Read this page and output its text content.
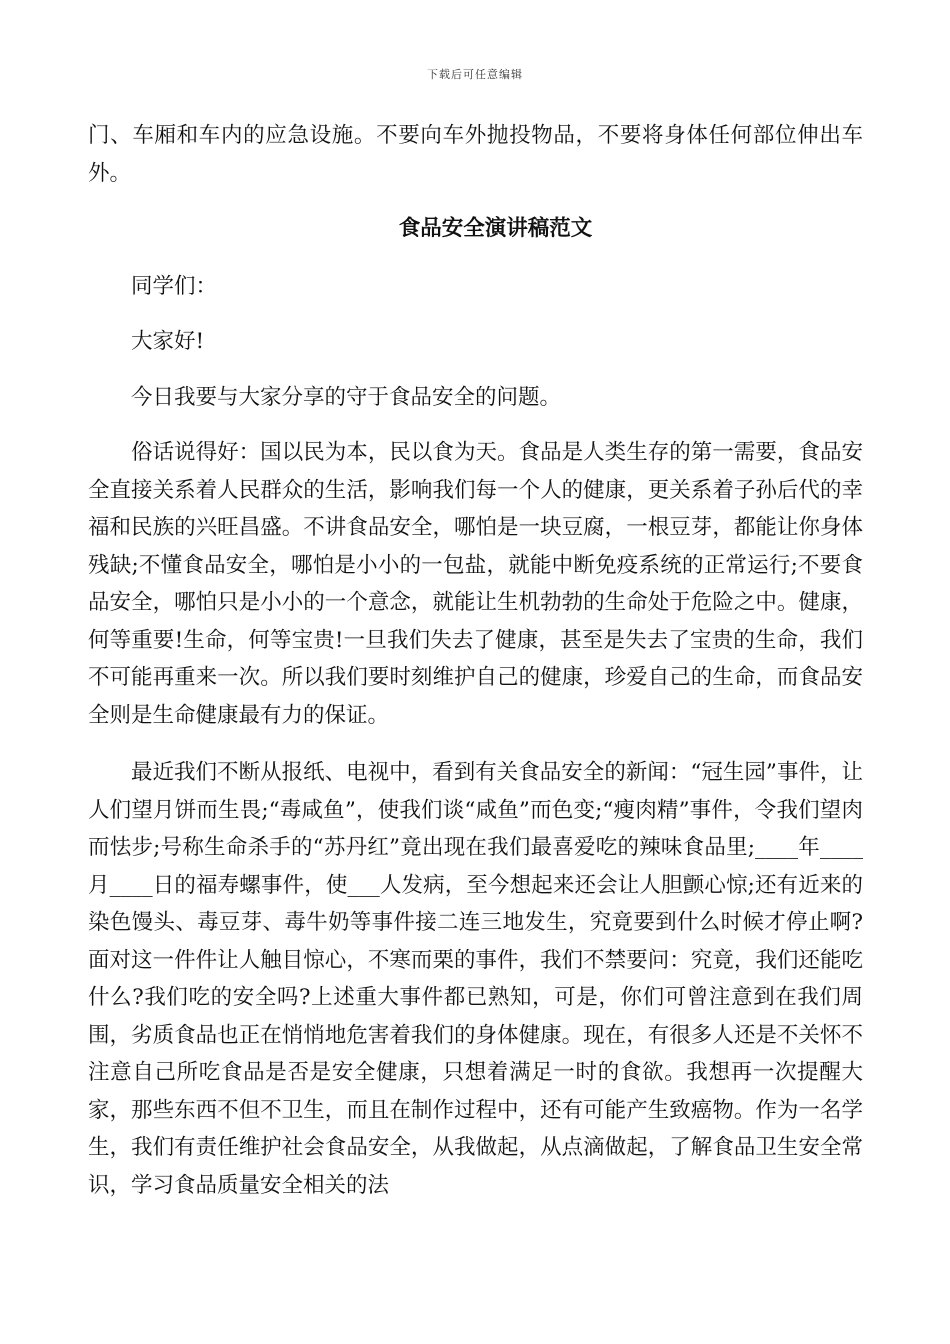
下载后可任意编辑

门、车厢和车内的应急设施。不要向车外抛投物品，不要将身体任何部位伸出车外。

食品安全演讲稿范文

同学们：

大家好!

今日我要与大家分享的守于食品安全的问题。

俗话说得好：国以民为本，民以食为天。食品是人类生存的第一需要，食品安全直接关系着人民群众的生活，影响我们每一个人的健康，更关系着子孙后代的幸福和民族的兴旺昌盛。不讲食品安全，哪怕是一块豆腐，一根豆芽，都能让你身体残缺;不懂食品安全，哪怕是小小的一包盐，就能中断免疫系统的正常运行;不要食品安全，哪怕只是小小的一个意念，就能让生机勃勃的生命处于危险之中。健康，何等重要!生命，何等宝贵!一旦我们失去了健康，甚至是失去了宝贵的生命，我们不可能再重来一次。所以我们要时刻维护自己的健康，珍爱自己的生命，而食品安全则是生命健康最有力的保证。

最近我们不断从报纸、电视中，看到有关食品安全的新闻：“冠生园”事件，让人们望月饼而生畏;“毒咸鱼”，使我们谈“咸鱼”而色变;“瘦肉精”事件，令我们望肉而怯步;号称生命杀手的“苏丹红”竟出现在我们最喜爱吃的辣味食品里;____年____月____日的福寿螺事件，使___人发病，至今想起来还会让人胆颤心惊;还有近来的染色馒头、毒豆芽、毒牛奶等事件接二连三地发生，究竟要到什么时候才停止啊?面对这一件件让人触目惊心，不寒而栗的事件，我们不禁要问：究竟，我们还能吃什么?我们吃的安全吗?上述重大事件都已熟知，可是，你们可曾注意到在我们周围，劣质食品也正在悄悄地危害着我们的身体健康。现在，有很多人还是不关怀不注意自己所吃食品是否是安全健康，只想着满足一时的食欲。我想再一次提醒大家，那些东西不但不卫生，而且在制作过程中，还有可能产生致癌物。作为一名学生，我们有责任维护社会食品安全，从我做起，从点滴做起，了解食品卫生安全常识，学习食品质量安全相关的法
